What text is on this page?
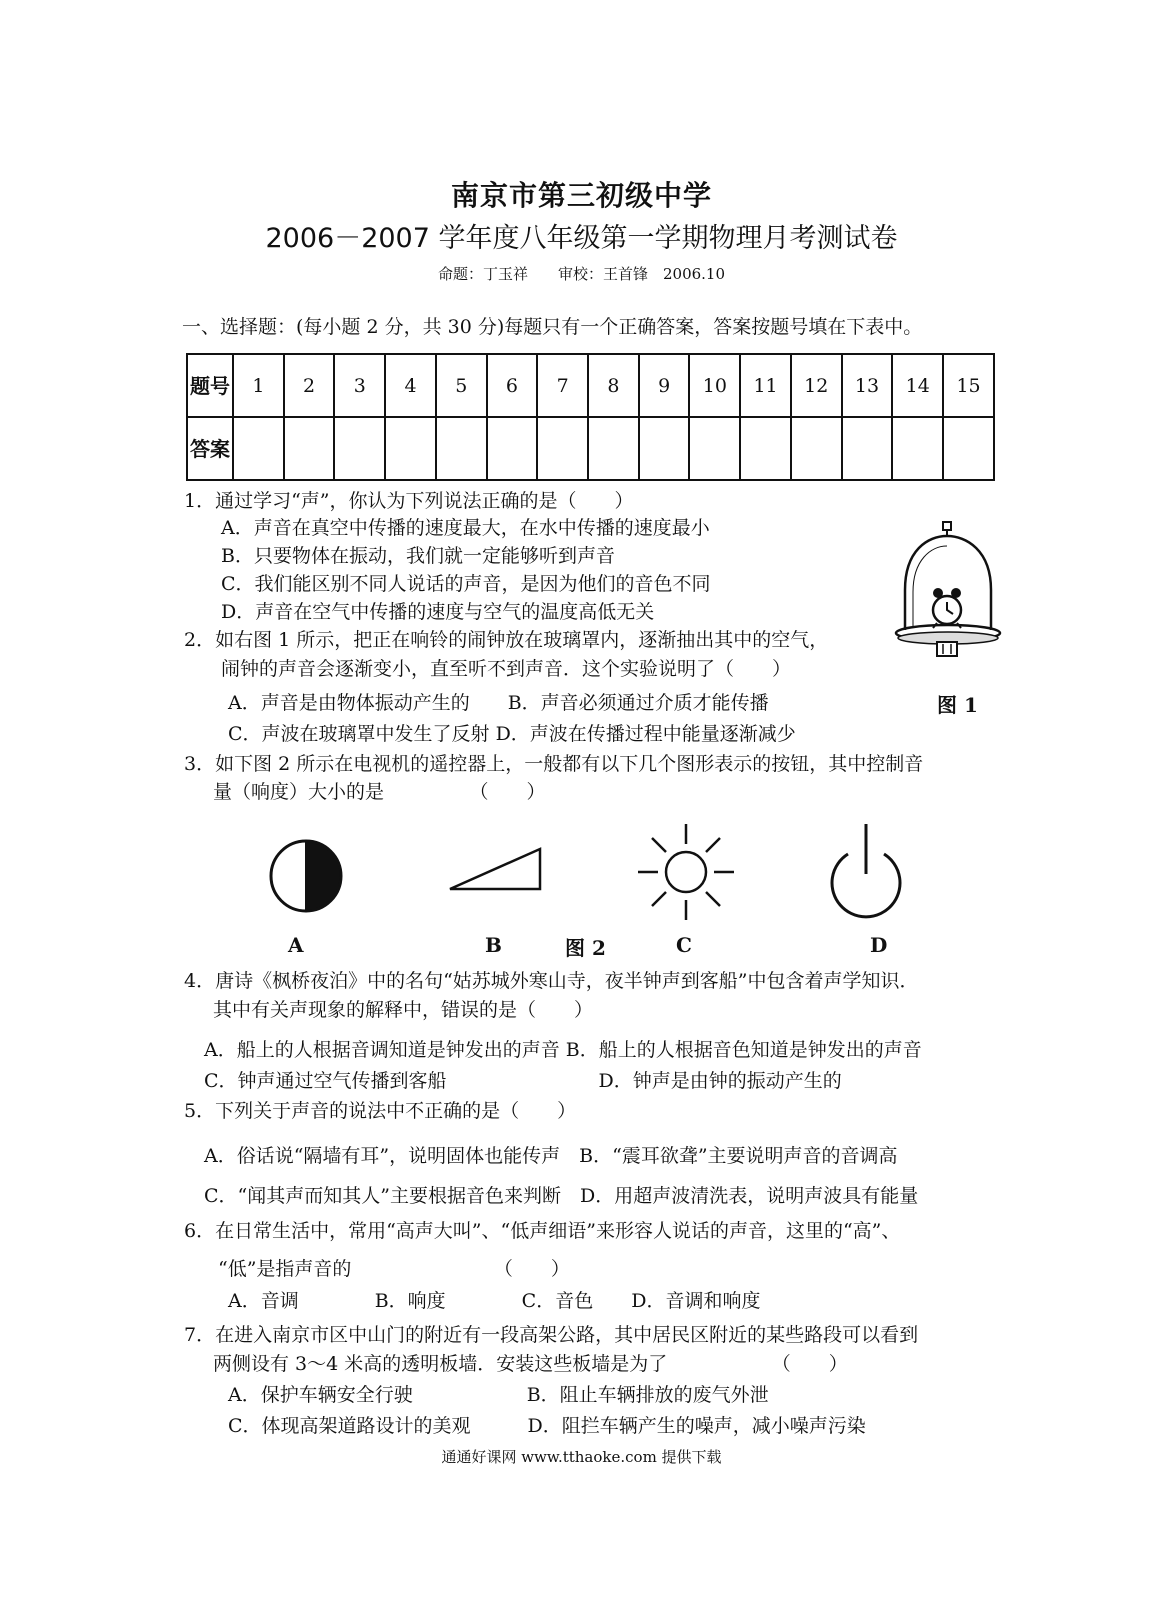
南京市第三初级中学
2006－2007 学年度八年级第一学期物理月考测试卷
命题：丁玉祥　　审校：王首锋　2006.10
一、选择题：(每小题 2 分，共 30 分)每题只有一个正确答案，答案按题号填在下表中。
题号	1	2	3	4	5	6	7	8	9	10	11	12	13	14	15
答案															
1．通过学习“声”，你认为下列说法正确的是（　　）
A．声音在真空中传播的速度最大，在水中传播的速度最小
B．只要物体在振动，我们就一定能够听到声音
C．我们能区别不同人说话的声音，是因为他们的音色不同
D．声音在空气中传播的速度与空气的温度高低无关
图 1
2．如右图 1 所示，把正在响铃的闹钟放在玻璃罩内，逐渐抽出其中的空气，
闹钟的声音会逐渐变小，直至听不到声音．这个实验说明了（　　）
A．声音是由物体振动产生的　　B．声音必须通过介质才能传播
C．声波在玻璃罩中发生了反射 D．声波在传播过程中能量逐渐减少
3．如下图 2 所示在电视机的遥控器上，一般都有以下几个图形表示的按钮，其中控制音
量（响度）大小的是　　　　　（　　）
A	B	图 2	C	D
4．唐诗《枫桥夜泊》中的名句“姑苏城外寒山寺，夜半钟声到客船”中包含着声学知识．
其中有关声现象的解释中，错误的是（　　）
A．船上的人根据音调知道是钟发出的声音 B．船上的人根据音色知道是钟发出的声音
C．钟声通过空气传播到客船　　　　　　　　D．钟声是由钟的振动产生的
5．下列关于声音的说法中不正确的是（　　）
A．俗话说“隔墙有耳”，说明固体也能传声　B．“震耳欲聋”主要说明声音的音调高
C．“闻其声而知其人”主要根据音色来判断　D．用超声波清洗表，说明声波具有能量
6．在日常生活中，常用“高声大叫”、“低声细语”来形容人说话的声音，这里的“高”、
“低”是指声音的　　　　　　　　（　　）
A．音调　　　　B．响度　　　　C．音色　　D．音调和响度
7．在进入南京市区中山门的附近有一段高架公路，其中居民区附近的某些路段可以看到
两侧设有 3～4 米高的透明板墙．安装这些板墙是为了　　　　　　（　　）
A．保护车辆安全行驶　　　　　　B．阻止车辆排放的废气外泄
C．体现高架道路设计的美观　　　D．阻拦车辆产生的噪声，减小噪声污染
通通好课网 www.tthaoke.com 提供下载
